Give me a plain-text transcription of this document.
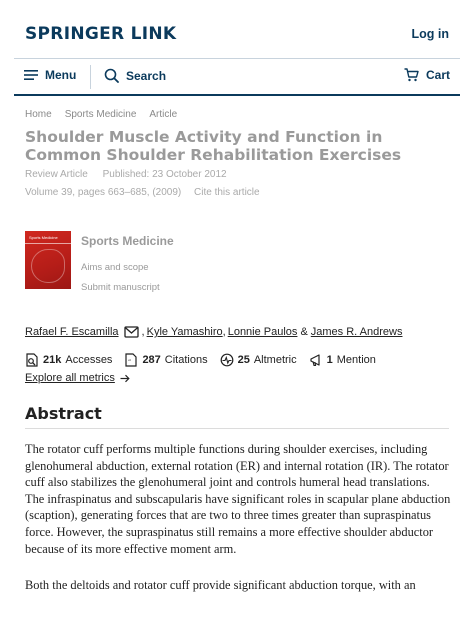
SPRINGER LINK	Log in
Menu	Search	Cart
Home Sports Medicine Article
Shoulder Muscle Activity and Function in Common Shoulder Rehabilitation Exercises
Review Article Published: 23 October 2012
Volume 39, pages 663–685, (2009) Cite this article
Sports Medicine Sports Medicine
Aims and scope
Submit manuscript
Rafael F. Escamilla , Kyle Yamashiro , Lonnie Paulos & James R. Andrews
21k Accesses	” 287 Citations	25 Altmetric	1 Mention
Explore all metrics
Abstract

The rotator cuff performs multiple functions during shoulder exercises, including glenohumeral abduction, external rotation (ER) and internal rotation (IR). The rotator cuff also stabilizes the glenohumeral joint and controls humeral head translations. The infraspinatus and subscapularis have significant roles in scapular plane abduction (scaption), generating forces that are two to three times greater than supraspinatus force. However, the supraspinatus still remains a more effective shoulder abductor because of its more effective moment arm.

Both the deltoids and rotator cuff provide significant abduction torque, with an
